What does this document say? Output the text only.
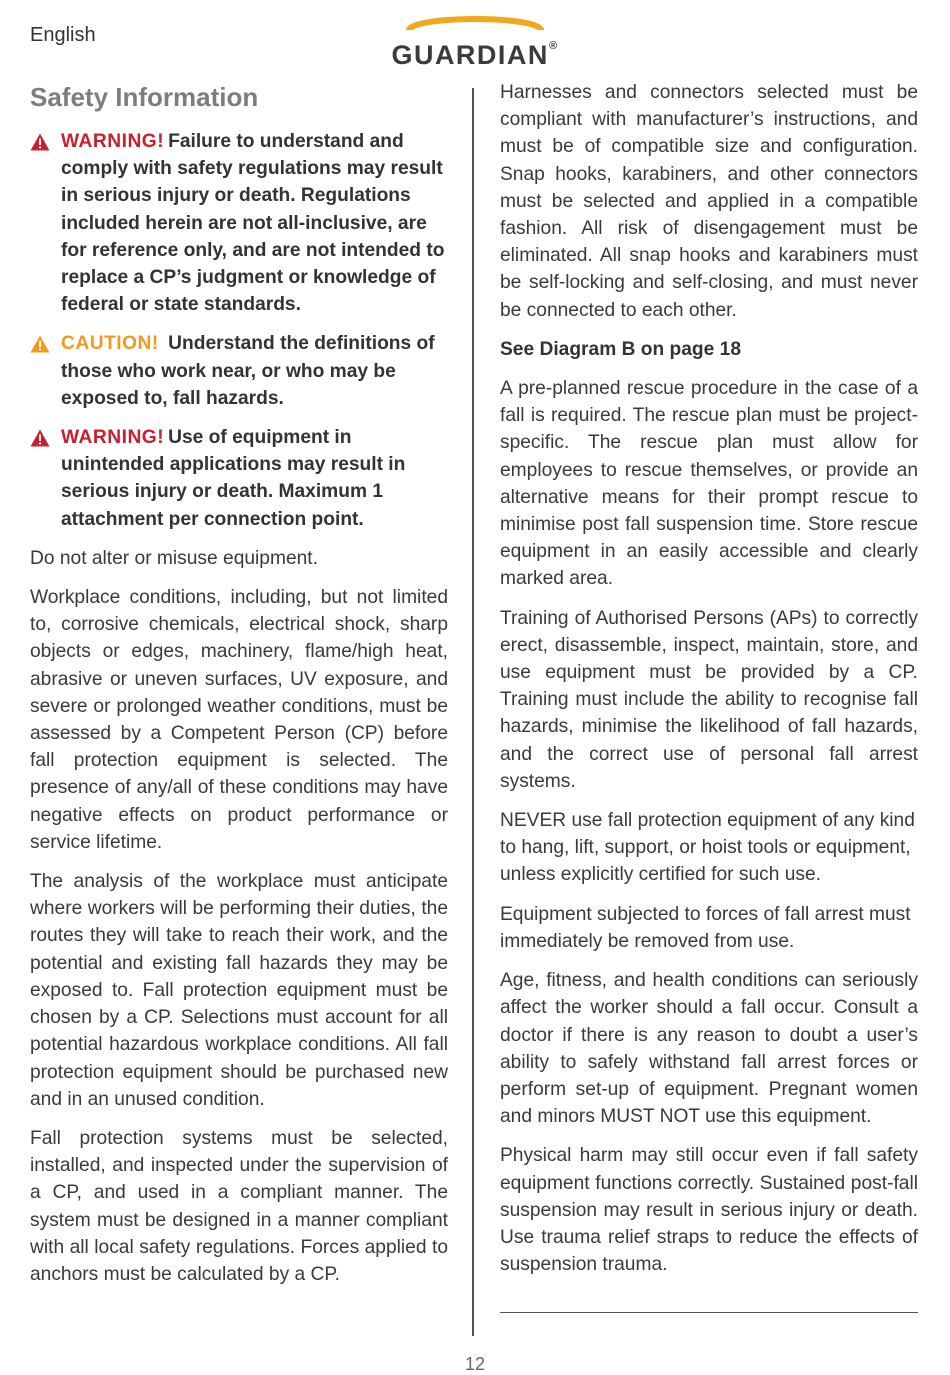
English
GUARDIAN®
Safety Information
WARNING! Failure to understand and comply with safety regulations may result in serious injury or death. Regulations included herein are not all-inclusive, are for reference only, and are not intended to replace a CP’s judgment or knowledge of federal or state standards.
CAUTION! Understand the definitions of those who work near, or who may be exposed to, fall hazards.
WARNING! Use of equipment in unintended applications may result in serious injury or death. Maximum 1 attachment per connection point.

Do not alter or misuse equipment.

Workplace conditions, including, but not limited to, corrosive chemicals, electrical shock, sharp objects or edges, machinery, flame/high heat, abrasive or uneven surfaces, UV exposure, and severe or prolonged weather conditions, must be assessed by a Competent Person (CP) before fall protection equipment is selected. The presence of any/all of these conditions may have negative effects on product performance or service lifetime.

The analysis of the workplace must anticipate where workers will be performing their duties, the routes they will take to reach their work, and the potential and existing fall hazards they may be exposed to. Fall protection equipment must be chosen by a CP. Selections must account for all potential hazardous workplace conditions. All fall protection equipment should be purchased new and in an unused condition.

Fall protection systems must be selected, installed, and inspected under the supervision of a CP, and used in a compliant manner. The system must be designed in a manner compliant with all local safety regulations. Forces applied to anchors must be calculated by a CP.

Harnesses and connectors selected must be compliant with manufacturer’s instructions, and must be of compatible size and configuration. Snap hooks, karabiners, and other connectors must be selected and applied in a compatible fashion. All risk of disengagement must be eliminated. All snap hooks and karabiners must be self-locking and self-closing, and must never be connected to each other.

See Diagram B on page 18

A pre-planned rescue procedure in the case of a fall is required. The rescue plan must be project-specific. The rescue plan must allow for employees to rescue themselves, or provide an alternative means for their prompt rescue to minimise post fall suspension time. Store rescue equipment in an easily accessible and clearly marked area.

Training of Authorised Persons (APs) to correctly erect, disassemble, inspect, maintain, store, and use equipment must be provided by a CP. Training must include the ability to recognise fall hazards, minimise the likelihood of fall hazards, and the correct use of personal fall arrest systems.

NEVER use fall protection equipment of any kind to hang, lift, support, or hoist tools or equipment, unless explicitly certified for such use.

Equipment subjected to forces of fall arrest must immediately be removed from use.

Age, fitness, and health conditions can seriously affect the worker should a fall occur. Consult a doctor if there is any reason to doubt a user’s ability to safely withstand fall arrest forces or perform set-up of equipment. Pregnant women and minors MUST NOT use this equipment.

Physical harm may still occur even if fall safety equipment functions correctly. Sustained post-fall suspension may result in serious injury or death. Use trauma relief straps to reduce the effects of suspension trauma.

12
